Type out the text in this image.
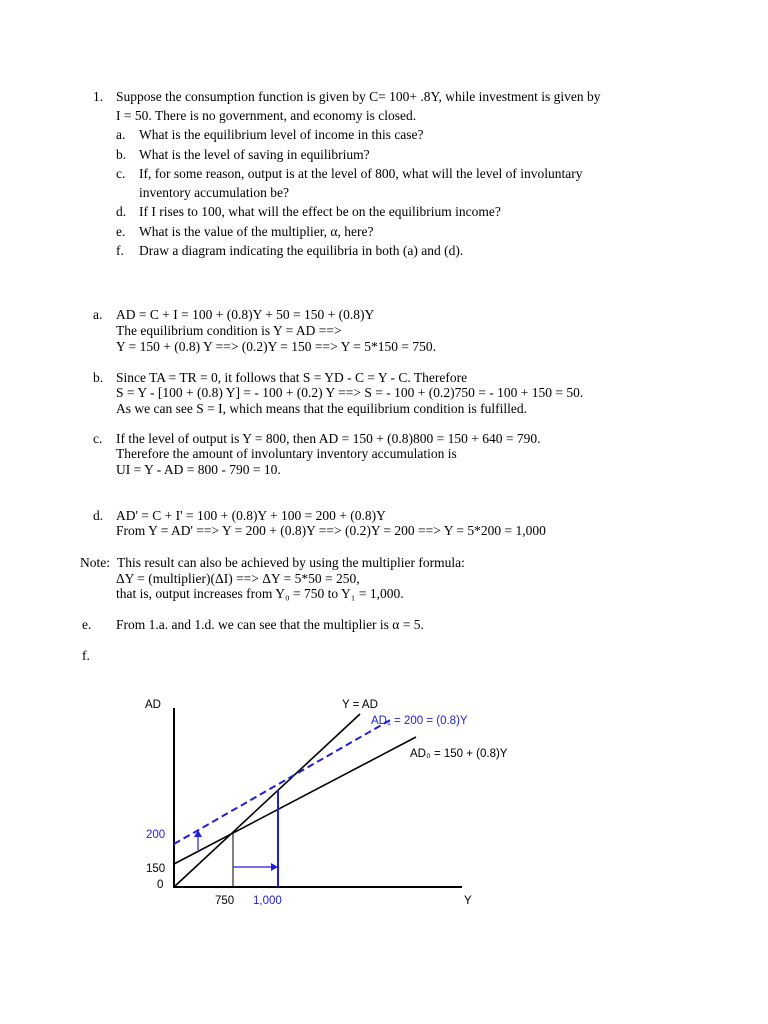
1. Suppose the consumption function is given by C= 100+ .8Y, while investment is given by
I = 50. There is no government, and economy is closed.
a. What is the equilibrium level of income in this case?
b. What is the level of saving in equilibrium?
c. If, for some reason, output is at the level of 800, what will the level of involuntary
inventory accumulation be?
d. If I rises to 100, what will the effect be on the equilibrium income?
e. What is the value of the multiplier, α, here?
f. Draw a diagram indicating the equilibria in both (a) and (d).
a. AD = C + I = 100 + (0.8)Y + 50 = 150 + (0.8)Y
The equilibrium condition is Y = AD ==>
Y = 150 + (0.8) Y ==> (0.2)Y = 150 ==> Y = 5*150 = 750.
b. Since TA = TR = 0, it follows that S = YD - C = Y - C. Therefore
S = Y - [100 + (0.8) Y] = - 100 + (0.2) Y ==> S = - 100 + (0.2)750 = - 100 + 150 = 50.
As we can see S = I, which means that the equilibrium condition is fulfilled.
c. If the level of output is Y = 800, then AD = 150 + (0.8)800 = 150 + 640 = 790.
Therefore the amount of involuntary inventory accumulation is
UI = Y - AD = 800 - 790 = 10.
d. AD' = C + I' = 100 + (0.8)Y + 100 = 200 + (0.8)Y
From Y = AD' ==> Y = 200 + (0.8)Y ==> (0.2)Y = 200 ==> Y = 5*200 = 1,000
Note: This result can also be achieved by using the multiplier formula:
ΔY = (multiplier)(ΔI) ==> ΔY = 5*50 = 250,
that is, output increases from Y₀ = 750 to Y₁ = 1,000.
e. From 1.a. and 1.d. we can see that the multiplier is α = 5.
f.
AD	Y = AD
AD₁ = 200 = (0.8)Y
AD₀ = 150 + (0.8)Y
200
150
0
750 1,000	Y
